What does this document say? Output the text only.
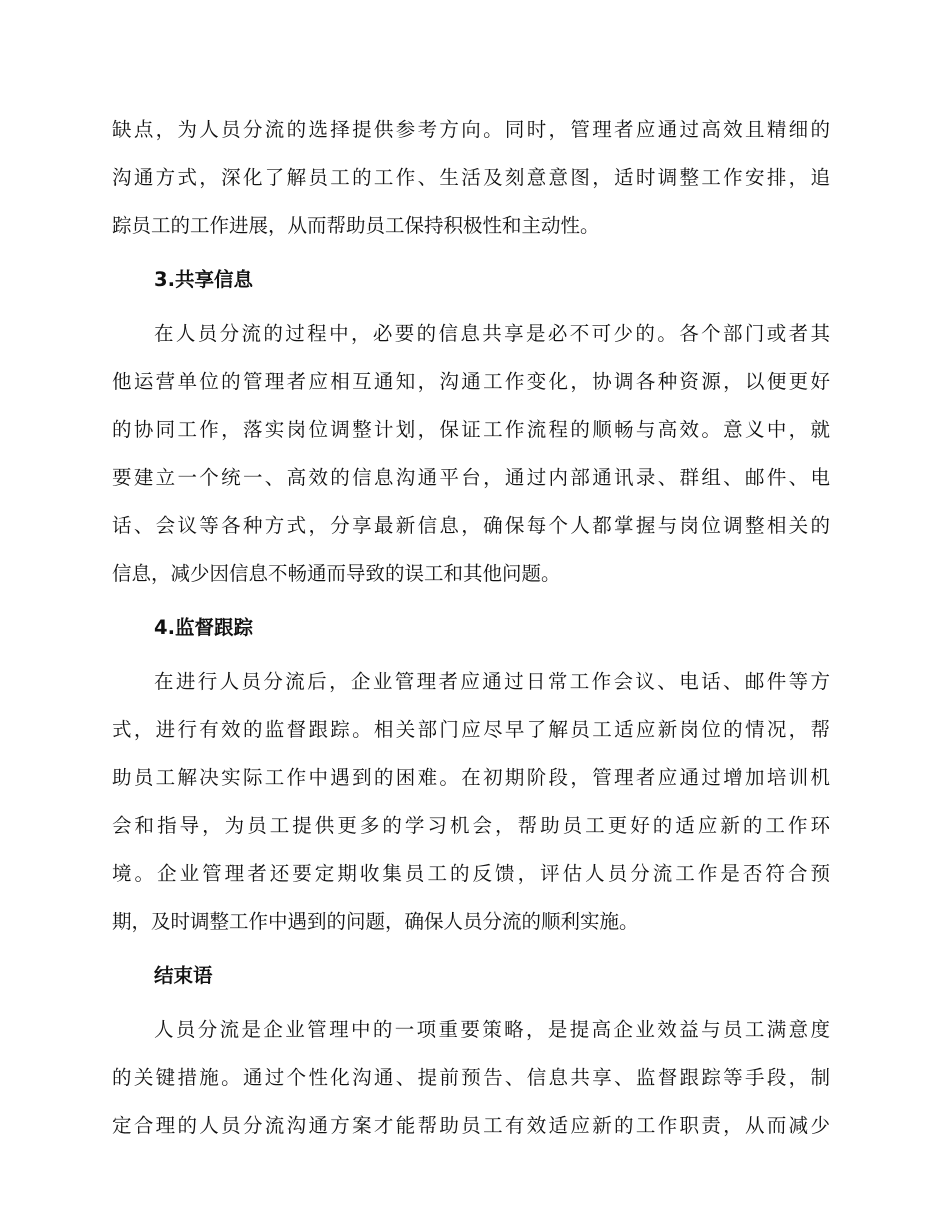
缺点，为人员分流的选择提供参考方向。同时，管理者应通过高效且精细的
沟通方式，深化了解员工的工作、生活及刻意意图，适时调整工作安排，追
踪员工的工作进展，从而帮助员工保持积极性和主动性。
3.共享信息
在人员分流的过程中，必要的信息共享是必不可少的。各个部门或者其
他运营单位的管理者应相互通知，沟通工作变化，协调各种资源，以便更好
的协同工作，落实岗位调整计划，保证工作流程的顺畅与高效。意义中，就
要建立一个统一、高效的信息沟通平台，通过内部通讯录、群组、邮件、电
话、会议等各种方式，分享最新信息，确保每个人都掌握与岗位调整相关的
信息，减少因信息不畅通而导致的误工和其他问题。
4.监督跟踪
在进行人员分流后，企业管理者应通过日常工作会议、电话、邮件等方
式，进行有效的监督跟踪。相关部门应尽早了解员工适应新岗位的情况，帮
助员工解决实际工作中遇到的困难。在初期阶段，管理者应通过增加培训机
会和指导，为员工提供更多的学习机会，帮助员工更好的适应新的工作环
境。企业管理者还要定期收集员工的反馈，评估人员分流工作是否符合预
期，及时调整工作中遇到的问题，确保人员分流的顺利实施。
结束语
人员分流是企业管理中的一项重要策略，是提高企业效益与员工满意度
的关键措施。通过个性化沟通、提前预告、信息共享、监督跟踪等手段，制
定合理的人员分流沟通方案才能帮助员工有效适应新的工作职责，从而减少
